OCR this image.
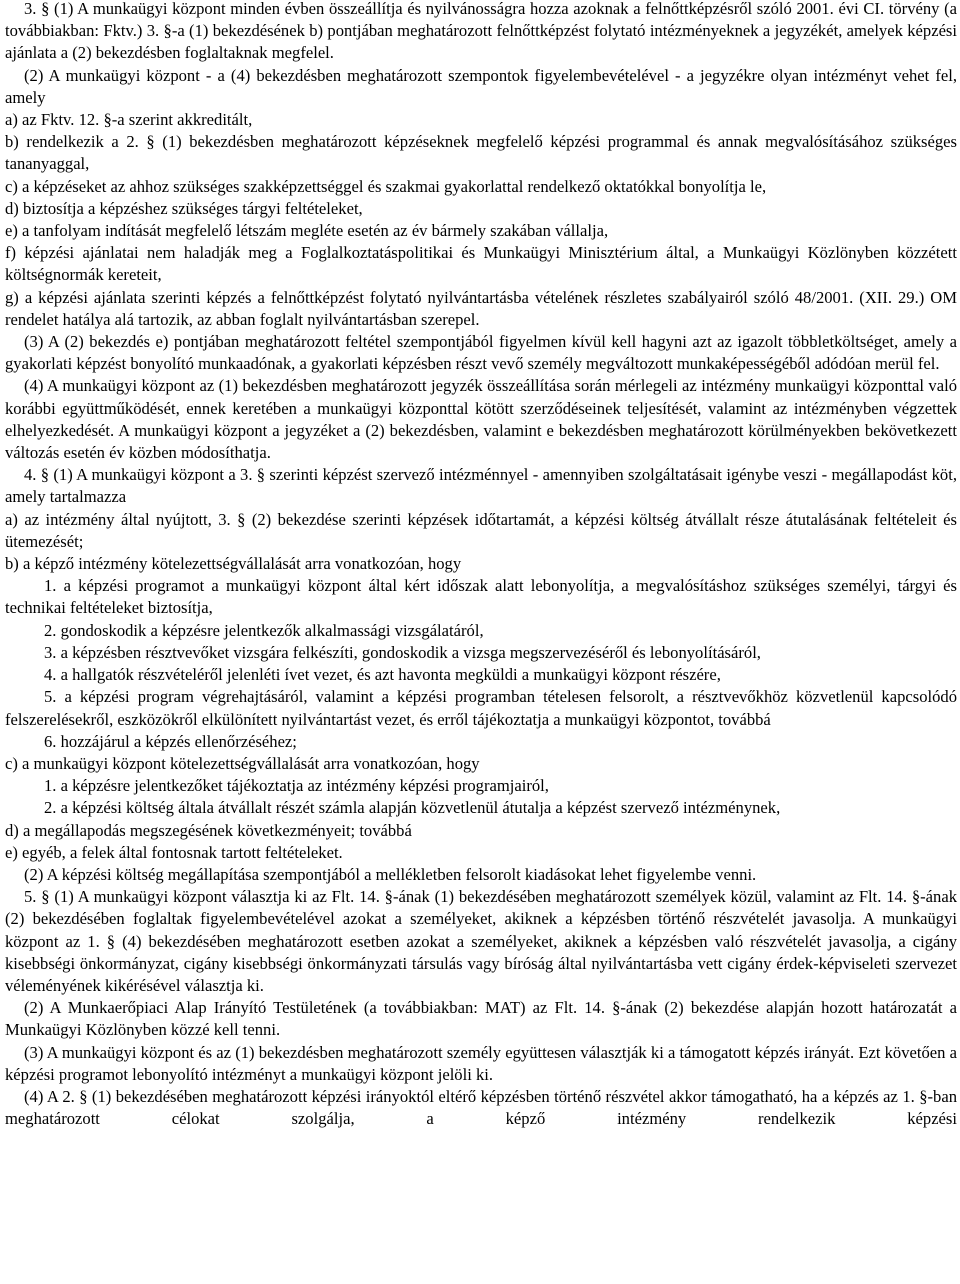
3. § (1) A munkaügyi központ minden évben összeállítja és nyilvánosságra hozza azoknak a felnőttképzésről szóló 2001. évi CI. törvény (a továbbiakban: Fktv.) 3. §-a (1) bekezdésének b) pontjában meghatározott felnőttképzést folytató intézményeknek a jegyzékét, amelyek képzési ajánlata a (2) bekezdésben foglaltaknak megfelel.

(2) A munkaügyi központ - a (4) bekezdésben meghatározott szempontok figyelembevételével - a jegyzékre olyan intézményt vehet fel, amely

a) az Fktv. 12. §-a szerint akkreditált,

b) rendelkezik a 2. § (1) bekezdésben meghatározott képzéseknek megfelelő képzési programmal és annak megvalósításához szükséges tananyaggal,

c) a képzéseket az ahhoz szükséges szakképzettséggel és szakmai gyakorlattal rendelkező oktatókkal bonyolítja le,

d) biztosítja a képzéshez szükséges tárgyi feltételeket,

e) a tanfolyam indítását megfelelő létszám megléte esetén az év bármely szakában vállalja,

f) képzési ajánlatai nem haladják meg a Foglalkoztatáspolitikai és Munkaügyi Minisztérium által, a Munkaügyi Közlönyben közzétett költségnormák kereteit,

g) a képzési ajánlata szerinti képzés a felnőttképzést folytató nyilvántartásba vételének részletes szabályairól szóló 48/2001. (XII. 29.) OM rendelet hatálya alá tartozik, az abban foglalt nyilvántartásban szerepel.

(3) A (2) bekezdés e) pontjában meghatározott feltétel szempontjából figyelmen kívül kell hagyni azt az igazolt többletköltséget, amely a gyakorlati képzést bonyolító munkaadónak, a gyakorlati képzésben részt vevő személy megváltozott munkaképességéből adódóan merül fel.

(4) A munkaügyi központ az (1) bekezdésben meghatározott jegyzék összeállítása során mérlegeli az intézmény munkaügyi központtal való korábbi együttműködését, ennek keretében a munkaügyi központtal kötött szerződéseinek teljesítését, valamint az intézményben végzettek elhelyezkedését. A munkaügyi központ a jegyzéket a (2) bekezdésben, valamint e bekezdésben meghatározott körülményekben bekövetkezett változás esetén év közben módosíthatja.

4. § (1) A munkaügyi központ a 3. § szerinti képzést szervező intézménnyel - amennyiben szolgáltatásait igénybe veszi - megállapodást köt, amely tartalmazza

a) az intézmény által nyújtott, 3. § (2) bekezdése szerinti képzések időtartamát, a képzési költség átvállalt része átutalásának feltételeit és ütemezését;

b) a képző intézmény kötelezettségvállalását arra vonatkozóan, hogy

1. a képzési programot a munkaügyi központ által kért időszak alatt lebonyolítja, a megvalósításhoz szükséges személyi, tárgyi és technikai feltételeket biztosítja,

2. gondoskodik a képzésre jelentkezők alkalmassági vizsgálatáról,

3. a képzésben résztvevőket vizsgára felkészíti, gondoskodik a vizsga megszervezéséről és lebonyolításáról,

4. a hallgatók részvételéről jelenléti ívet vezet, és azt havonta megküldi a munkaügyi központ részére,

5. a képzési program végrehajtásáról, valamint a képzési programban tételesen felsorolt, a résztvevőkhöz közvetlenül kapcsolódó felszerelésekről, eszközökről elkülönített nyilvántartást vezet, és erről tájékoztatja a munkaügyi központot, továbbá

6. hozzájárul a képzés ellenőrzéséhez;

c) a munkaügyi központ kötelezettségvállalását arra vonatkozóan, hogy

1. a képzésre jelentkezőket tájékoztatja az intézmény képzési programjairól,

2. a képzési költség általa átvállalt részét számla alapján közvetlenül átutalja a képzést szervező intézménynek,

d) a megállapodás megszegésének következményeit; továbbá

e) egyéb, a felek által fontosnak tartott feltételeket.

(2) A képzési költség megállapítása szempontjából a mellékletben felsorolt kiadásokat lehet figyelembe venni.

5. § (1) A munkaügyi központ választja ki az Flt. 14. §-ának (1) bekezdésében meghatározott személyek közül, valamint az Flt. 14. §-ának (2) bekezdésében foglaltak figyelembevételével azokat a személyeket, akiknek a képzésben történő részvételét javasolja. A munkaügyi központ az 1. § (4) bekezdésében meghatározott esetben azokat a személyeket, akiknek a képzésben való részvételét javasolja, a cigány kisebbségi önkormányzat, cigány kisebbségi önkormányzati társulás vagy bíróság által nyilvántartásba vett cigány érdek-képviseleti szervezet véleményének kikérésével választja ki.

(2) A Munkaerőpiaci Alap Irányító Testületének (a továbbiakban: MAT) az Flt. 14. §-ának (2) bekezdése alapján hozott határozatát a Munkaügyi Közlönyben közzé kell tenni.

(3) A munkaügyi központ és az (1) bekezdésben meghatározott személy együttesen választják ki a támogatott képzés irányát. Ezt követően a képzési programot lebonyolító intézményt a munkaügyi központ jelöli ki.

(4) A 2. § (1) bekezdésében meghatározott képzési irányoktól eltérő képzésben történő részvétel akkor támogatható, ha a képzés az 1. §-ban meghatározott célokat szolgálja, a képző intézmény rendelkezik képzési
